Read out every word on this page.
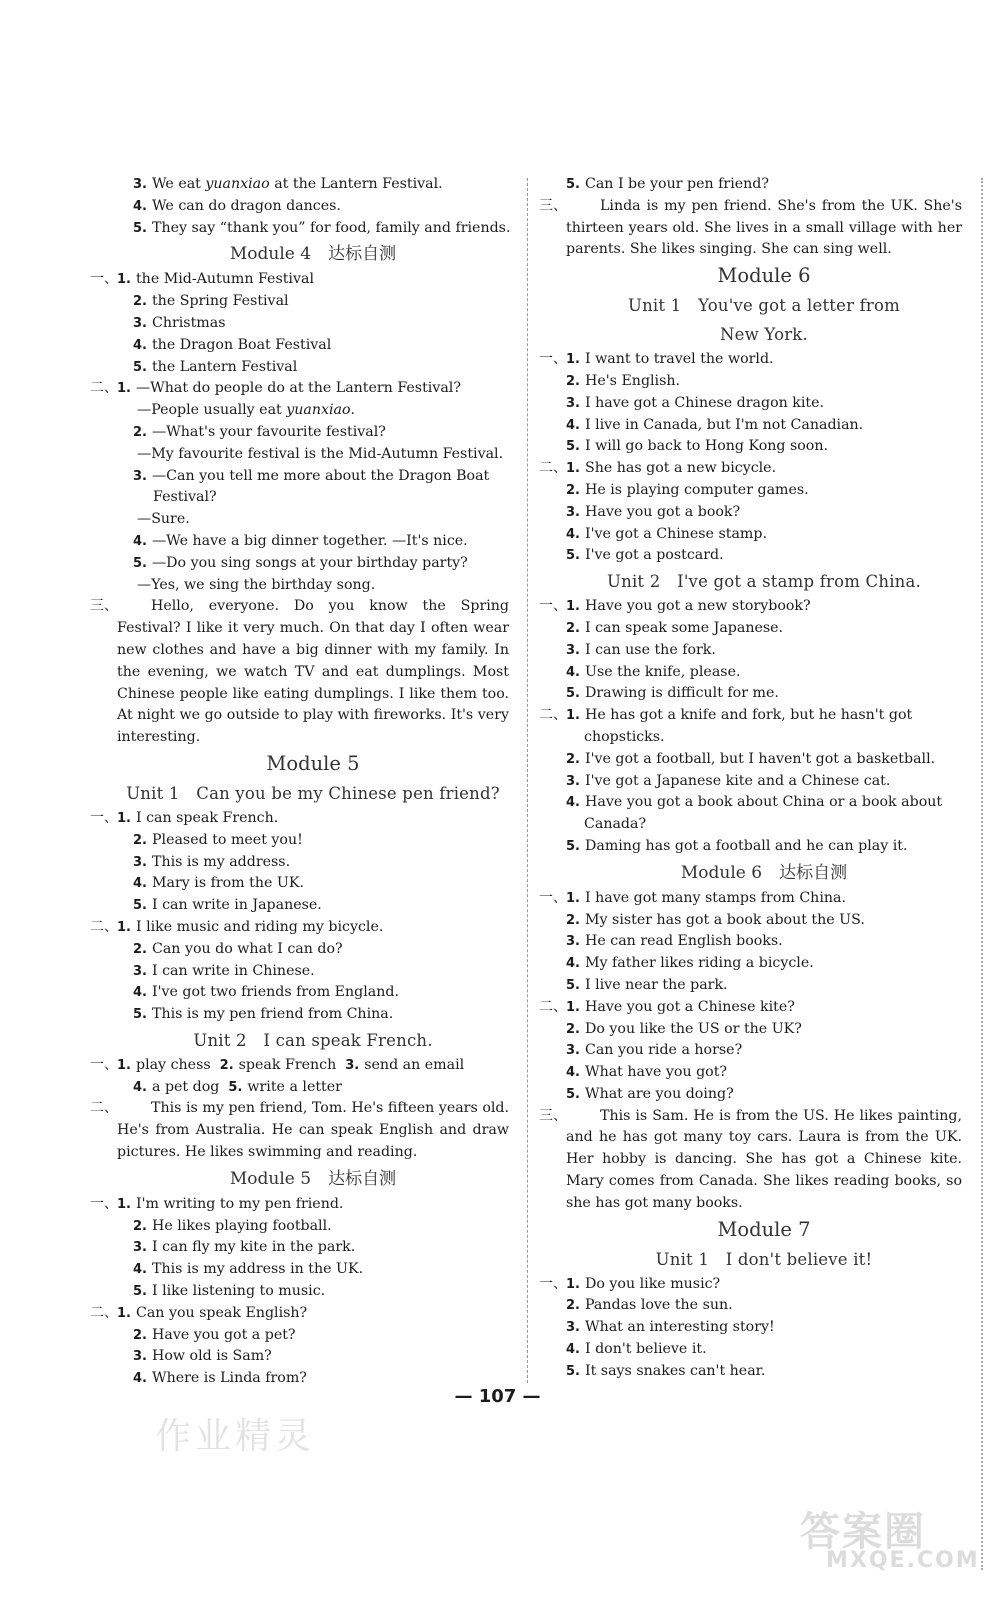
3. We eat yuanxiao at the Lantern Festival.
4. We can do dragon dances.
5. They say “thank you” for food, family and friends.
Module 4　达标自测
一、 1. the Mid-Autumn Festival
2. the Spring Festival
3. Christmas
4. the Dragon Boat Festival
5. the Lantern Festival
二、 1. —What do people do at the Lantern Festival?
—People usually eat yuanxiao.
2. —What's your favourite festival?
—My favourite festival is the Mid-Autumn Festival.
3. —Can you tell me more about the Dragon Boat
Festival?
—Sure.
4. —We have a big dinner together. —It's nice.
5. —Do you sing songs at your birthday party?
—Yes, we sing the birthday song.
三、 Hello, everyone. Do you know the Spring Festival? I like it very much. On that day I often wear new clothes and have a big dinner with my family. In the evening, we watch TV and eat dumplings. Most Chinese people like eating dumplings. I like them too. At night we go outside to play with fireworks. It's very interesting.
Module 5
Unit 1　Can you be my Chinese pen friend?
一、 1. I can speak French.
2. Pleased to meet you!
3. This is my address.
4. Mary is from the UK.
5. I can write in Japanese.
二、 1. I like music and riding my bicycle.
2. Can you do what I can do?
3. I can write in Chinese.
4. I've got two friends from England.
5. This is my pen friend from China.
Unit 2　I can speak French.
一、 1. play chess 2. speak French 3. send an email
4. a pet dog 5. write a letter
二、 This is my pen friend, Tom. He's fifteen years old. He's from Australia. He can speak English and draw pictures. He likes swimming and reading.
Module 5　达标自测
一、 1. I'm writing to my pen friend.
2. He likes playing football.
3. I can fly my kite in the park.
4. This is my address in the UK.
5. I like listening to music.
二、 1. Can you speak English?
2. Have you got a pet?
3. How old is Sam?
4. Where is Linda from?
5. Can I be your pen friend?
三、 Linda is my pen friend. She's from the UK. She's thirteen years old. She lives in a small village with her parents. She likes singing. She can sing well.
Module 6
Unit 1　You've got a letter from
New York.
一、 1. I want to travel the world.
2. He's English.
3. I have got a Chinese dragon kite.
4. I live in Canada, but I'm not Canadian.
5. I will go back to Hong Kong soon.
二、 1. She has got a new bicycle.
2. He is playing computer games.
3. Have you got a book?
4. I've got a Chinese stamp.
5. I've got a postcard.
Unit 2　I've got a stamp from China.
一、 1. Have you got a new storybook?
2. I can speak some Japanese.
3. I can use the fork.
4. Use the knife, please.
5. Drawing is difficult for me.
二、 1. He has got a knife and fork, but he hasn't got
chopsticks.
2. I've got a football, but I haven't got a basketball.
3. I've got a Japanese kite and a Chinese cat.
4. Have you got a book about China or a book about
Canada?
5. Daming has got a football and he can play it.
Module 6　达标自测
一、 1. I have got many stamps from China.
2. My sister has got a book about the US.
3. He can read English books.
4. My father likes riding a bicycle.
5. I live near the park.
二、 1. Have you got a Chinese kite?
2. Do you like the US or the UK?
3. Can you ride a horse?
4. What have you got?
5. What are you doing?
三、 This is Sam. He is from the US. He likes painting, and he has got many toy cars. Laura is from the UK. Her hobby is dancing. She has got a Chinese kite. Mary comes from Canada. She likes reading books, so she has got many books.
Module 7
Unit 1　I don't believe it!
一、 1. Do you like music?
2. Pandas love the sun.
3. What an interesting story!
4. I don't believe it.
5. It says snakes can't hear.
— 107 —
作业精灵
答案圈
MXQE.COM
